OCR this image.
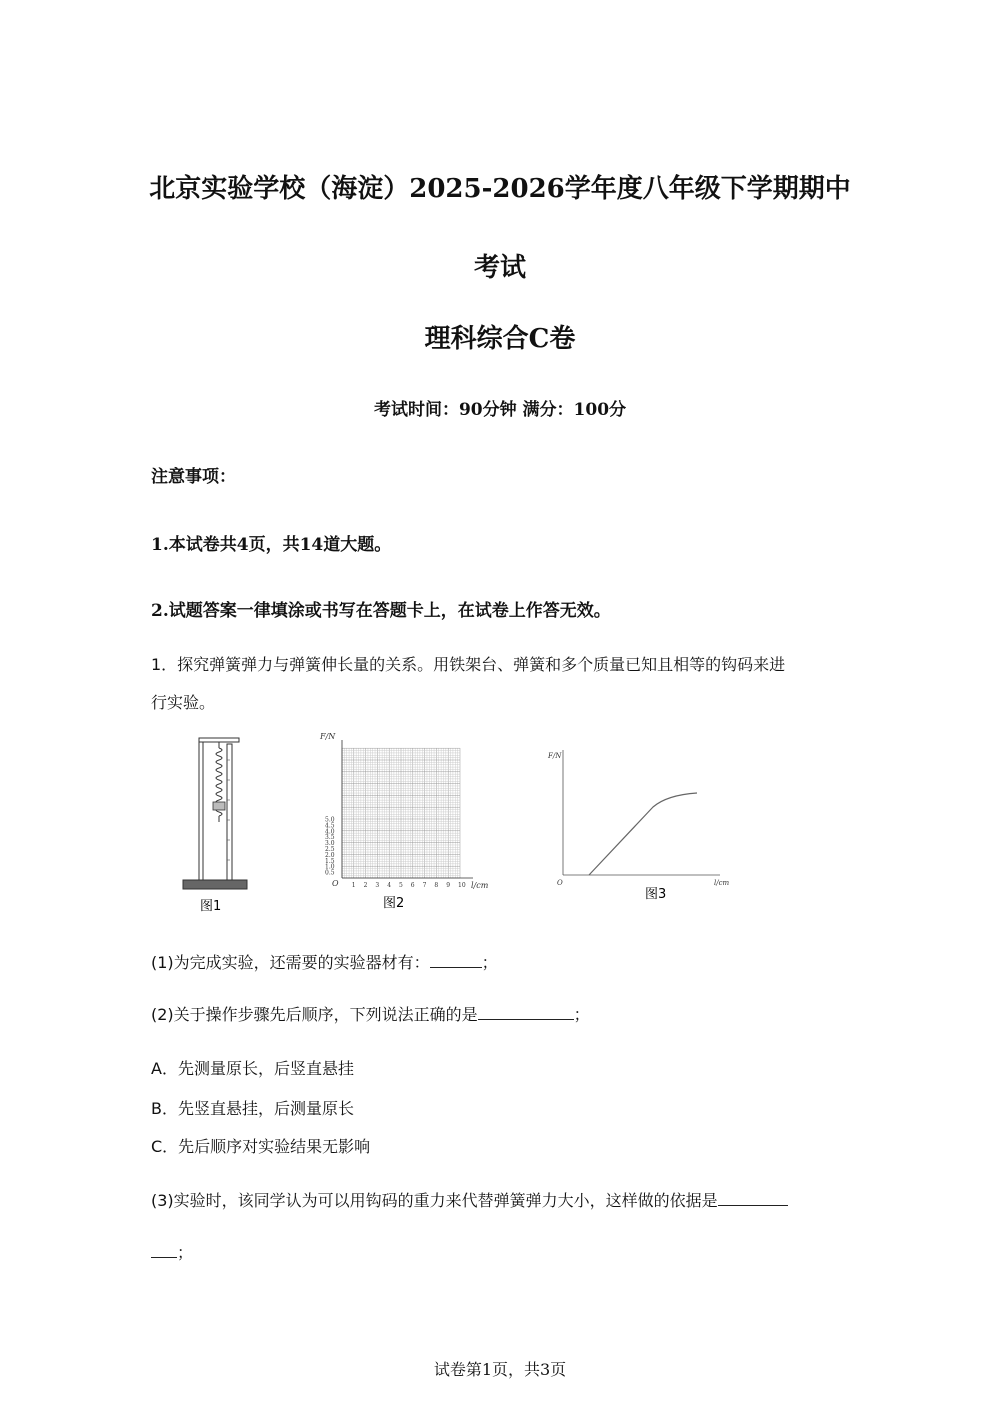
北京实验学校（海淀）2025-2026学年度八年级下学期期中
考试
理科综合C卷
考试时间：90分钟 满分：100分
注意事项：
1.本试卷共4页，共14道大题。
2.试题答案一律填涂或书写在答题卡上，在试卷上作答无效。
1．探究弹簧弹力与弹簧伸长量的关系。用铁架台、弹簧和多个质量已知且相等的钩码来进
行实验。
图1
F/N
l/cm
O
5.0
4.5
4.0
3.5
3.0
2.5
2.0
1.5
1.0
0.5
1 2 3 4 5 6 7 8 9 10
图2
F/N
l/cm
O
图3
(1)为完成实验，还需要的实验器材有：	；
(2)关于操作步骤先后顺序，下列说法正确的是	；
A．先测量原长，后竖直悬挂
B．先竖直悬挂，后测量原长
C．先后顺序对实验结果无影响
(3)实验时，该同学认为可以用钩码的重力来代替弹簧弹力大小，这样做的依据是
；
试卷第1页，共3页
